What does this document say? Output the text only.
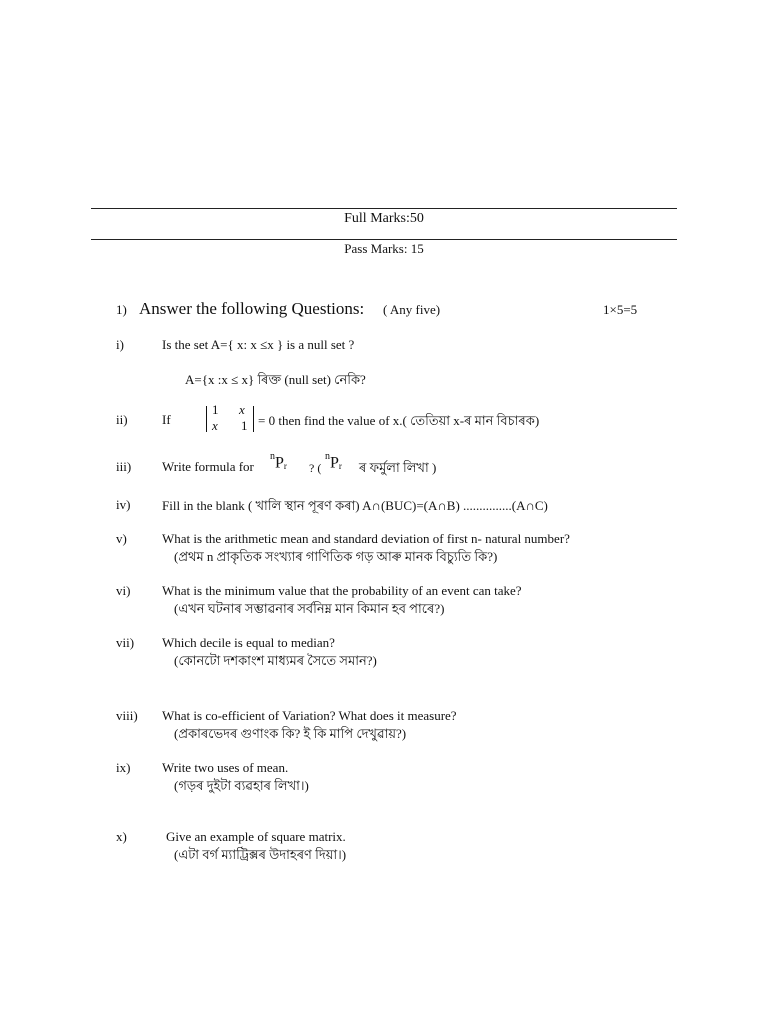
Full Marks:50
Pass Marks: 15
1) Answer the following Questions: ( Any five)	1×5=5
i)	Is the set A={ x: x ≤x } is a null set ?
A={x :x ≤ x} ৰিক্ত (null set) নেকি?
ii)	If
1 x
x 1 = 0 then find the value of x.( তেতিয়া x-ৰ মান বিচাৰক)
iii) Write formula for
$^nP_r$ ? (
$^nP_r$ ৰ ফৰ্মুলা লিখা )
iv) Fill in the blank ( খালি স্থান পূৰণ কৰা) A∩(BUC)=(A∩B) ...............(A∩C)
v)	What is the arithmetic mean and standard deviation of first n- natural number?
(প্ৰথম n প্ৰাকৃতিক সংখ্যাৰ গাণিতিক গড় আৰু মানক বিচ্যুতি কি?)
vi) What is the minimum value that the probability of an event can take?
(এখন ঘটনাৰ সম্ভাৱনাৰ সৰ্বনিম্ন মান কিমান হব পাৰে?)
vii) Which decile is equal to median?
(কোনটো দশকাংশ মাধ্যমৰ সৈতে সমান?)
viii) What is co-efficient of Variation? What does it measure?
(প্ৰকাৰভেদৰ গুণাংক কি? ই কি মাপি দেখুৱায়?)
ix) Write two uses of mean.
(গড়ৰ দুইটা ব্যৱহাৰ লিখা।)
x)	Give an example of square matrix.
(এটা বৰ্গ ম্যাট্ৰিক্সৰ উদাহৰণ দিয়া।)
